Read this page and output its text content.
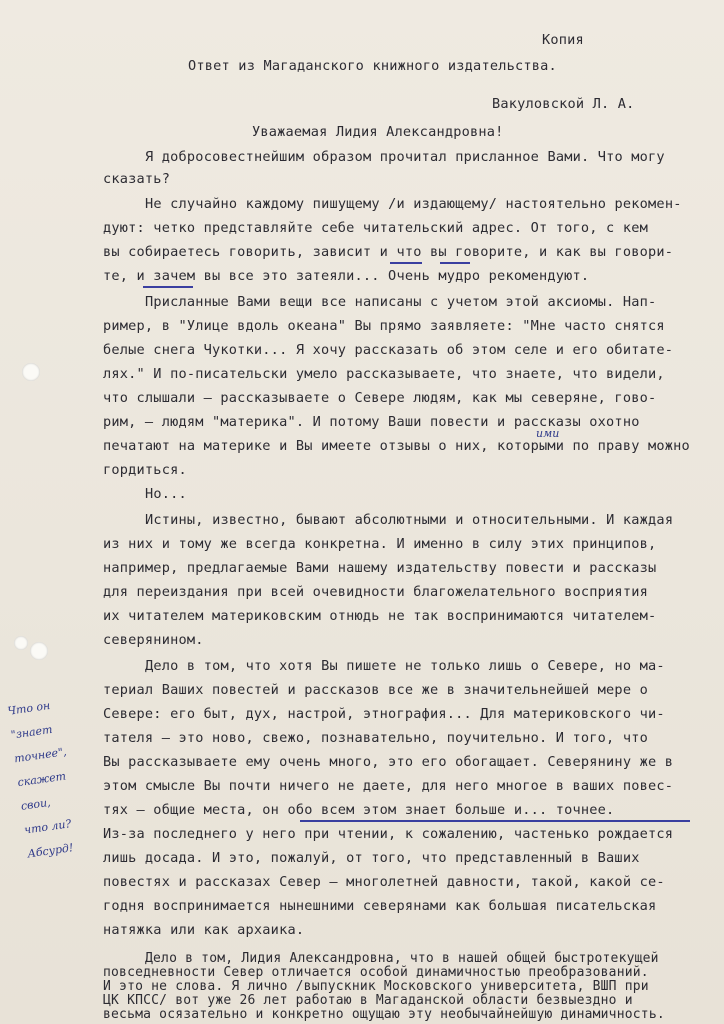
Копия
Ответ из Магаданского книжного издательства.
Вакуловской Л. А.
Уважаемая Лидия Александровна!
Я добросовестнейшим образом прочитал присланное Вами. Что могу
сказать?
Не случайно каждому пишущему /и издающему/ настоятельно рекомен-
дуют: четко представляйте себе читательский адрес. От того, с кем
вы собираетесь говорить, зависит и что вы говорите, и как вы говори-
те, и зачем вы все это затеяли... Очень мудро рекомендуют.
Присланные Вами вещи все написаны с учетом этой аксиомы. Нап-
ример, в "Улице вдоль океана" Вы прямо заявляете: "Мне часто снятся
белые снега Чукотки... Я хочу рассказать об этом селе и его обитате-
лях." И по-писательски умело рассказываете, что знаете, что видели,
что слышали — рассказываете о Севере людям, как мы северяне, гово-
рим, — людям "материка". И потому Ваши повести и рассказы охотно
печатают на материке и Вы имеете отзывы о них, которыми по праву можно
гордиться.
Но...
Истины, известно, бывают абсолютными и относительными. И каждая
из них и тому же всегда конкретна. И именно в силу этих принципов,
например, предлагаемые Вами нашему издательству повести и рассказы
для переиздания при всей очевидности благожелательного восприятия
их читателем материковским отнюдь не так воспринимаются читателем-
северянином.
Дело в том, что хотя Вы пишете не только лишь о Севере, но ма-
териал Ваших повестей и рассказов все же в значительнейшей мере о
Севере: его быт, дух, настрой, этнография... Для материковского чи-
тателя — это ново, свежо, познавательно, поучительно. И того, что
Вы рассказываете ему очень много, это его обогащает. Северянину же в
этом смысле Вы почти ничего не даете, для него многое в ваших повес-
тях — общие места, он обо всем этом знает больше и... точнее.
Из-за последнего у него при чтении, к сожалению, частенько рождается
лишь досада. И это, пожалуй, от того, что представленный в Ваших
повестях и рассказах Север — многолетней давности, такой, какой се-
годня воспринимается нынешними северянами как большая писательская
натяжка или как архаика.
Дело в том, Лидия Александровна, что в нашей общей быстротекущей
повседневности Север отличается особой динамичностью преобразований.
И это не слова. Я лично /выпускник Московского университета, ВШП при
ЦК КПСС/ вот уже 26 лет работаю в Магаданской области безвыездно и
весьма осязательно и конкретно ощущаю эту необычайнейшую динамичность.
ими
Что он
"знает
точнее",
скажет
свои,
что ли?
Абсурд!
